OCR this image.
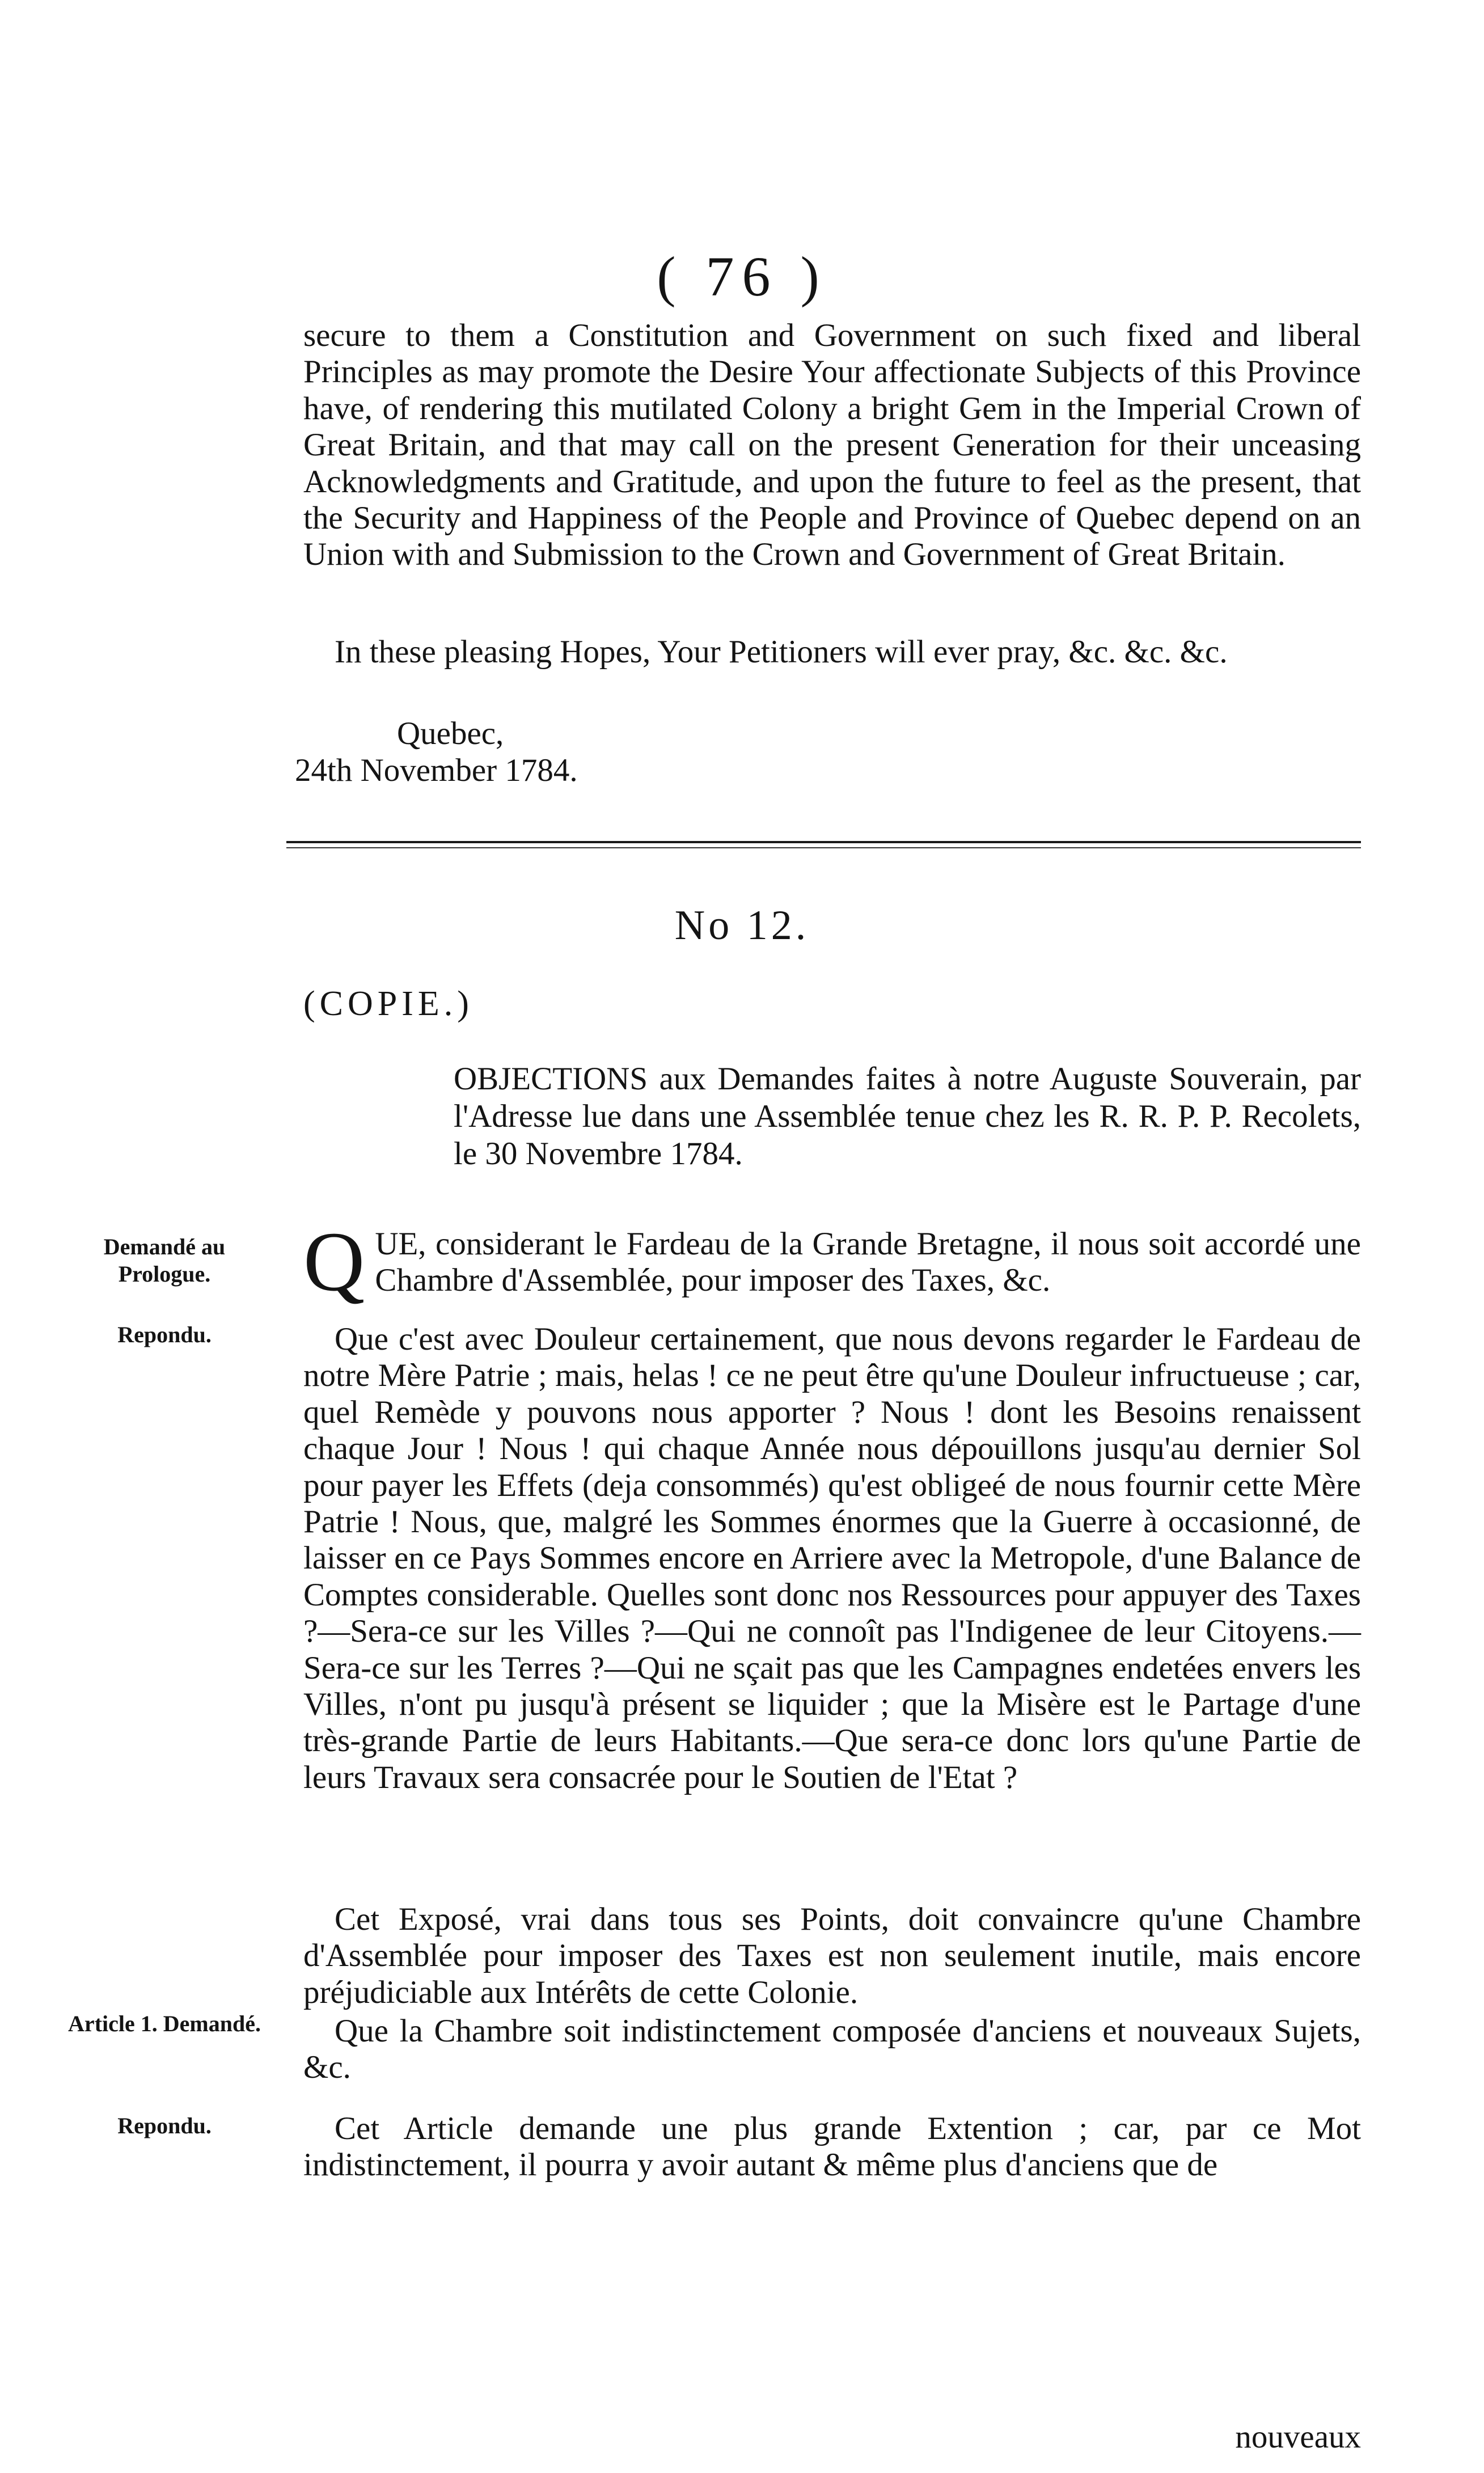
( 76 )

secure to them a Constitution and Government on such fixed and liberal Principles as may promote the Desire Your affectionate Subjects of this Province have, of rendering this mutilated Colony a bright Gem in the Imperial Crown of Great Britain, and that may call on the present Generation for their unceasing Acknowledgments and Gratitude, and upon the future to feel as the present, that the Security and Happiness of the People and Province of Quebec depend on an Union with and Submission to the Crown and Government of Great Britain.

In these pleasing Hopes, Your Petitioners will ever pray, &c. &c. &c.

Quebec,
24th November 1784.
No 12.
(COPIE.)

OBJECTIONS aux Demandes faites à notre Auguste Souverain, par l'Adresse lue dans une Assemblée tenue chez les R. R. P. P. Recolets, le 30 Novembre 1784.

Demandé au Prologue.
Repondu.
Article 1. Demandé.
Repondu.
Q UE, considerant le Fardeau de la Grande Bretagne, il nous soit accordé une Chambre d'Assemblée, pour imposer des Taxes, &c.

Que c'est avec Douleur certainement, que nous devons regarder le Fardeau de notre Mère Patrie ; mais, helas ! ce ne peut être qu'une Douleur infructueuse ; car, quel Remède y pouvons nous apporter ? Nous ! dont les Besoins renaissent chaque Jour ! Nous ! qui chaque Année nous dépouillons jusqu'au dernier Sol pour payer les Effets (deja consommés) qu'est obligeé de nous fournir cette Mère Patrie ! Nous, que, malgré les Sommes énormes que la Guerre à occasionné, de laisser en ce Pays Sommes encore en Arriere avec la Metropole, d'une Balance de Comptes considerable. Quelles sont donc nos Ressources pour appuyer des Taxes ?—Sera-ce sur les Villes ?—Qui ne connoît pas l'Indigenee de leur Citoyens.—Sera-ce sur les Terres ?—Qui ne sçait pas que les Campagnes endetées envers les Villes, n'ont pu jusqu'à présent se liquider ; que la Misère est le Partage d'une très-grande Partie de leurs Habitants.—Que sera-ce donc lors qu'une Partie de leurs Travaux sera consacrée pour le Soutien de l'Etat ?

Cet Exposé, vrai dans tous ses Points, doit convaincre qu'une Chambre d'Assemblée pour imposer des Taxes est non seulement inutile, mais encore préjudiciable aux Intérêts de cette Colonie.

Que la Chambre soit indistinctement composée d'anciens et nouveaux Sujets, &c.

Cet Article demande une plus grande Extention ; car, par ce Mot indistinctement, il pourra y avoir autant & même plus d'anciens que de

nouveaux
